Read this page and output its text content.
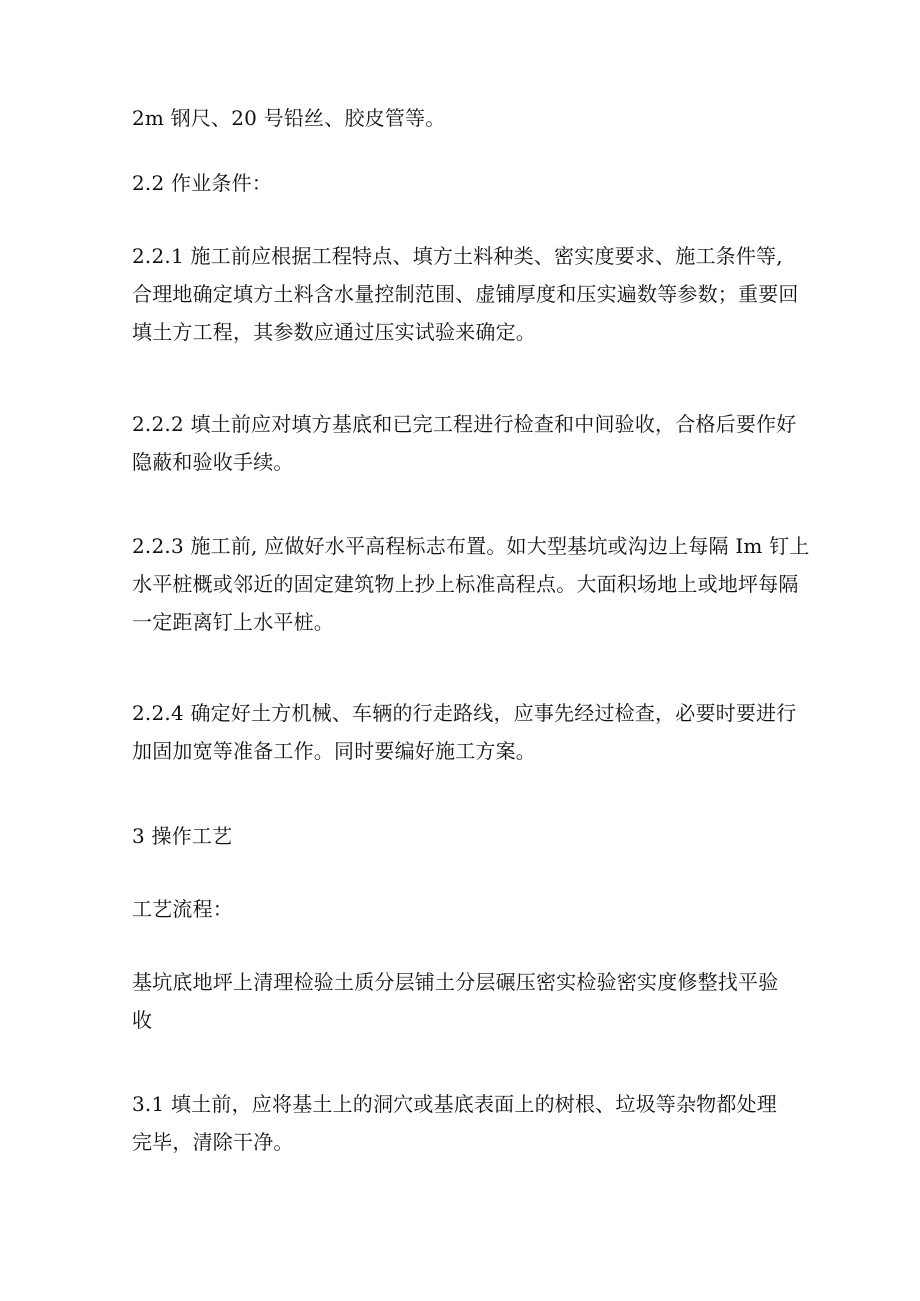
2m 钢尺、20 号铅丝、胶皮管等。

2.2 作业条件：

2.2.1 施工前应根据工程特点、填方土料种类、密实度要求、施工条件等,
合理地确定填方土料含水量控制范围、虚铺厚度和压实遍数等参数；重要回
填土方工程，其参数应通过压实试验来确定。

2.2.2 填土前应对填方基底和已完工程进行检查和中间验收，合格后要作好
隐蔽和验收手续。

2.2.3 施工前, 应做好水平高程标志布置。如大型基坑或沟边上每隔 Im 钉上
水平桩概或邻近的固定建筑物上抄上标准高程点。大面积场地上或地坪每隔
一定距离钉上水平桩。

2.2.4 确定好土方机械、车辆的行走路线，应事先经过检查，必要时要进行
加固加宽等准备工作。同时要编好施工方案。

3 操作工艺

工艺流程：

基坑底地坪上清理检验土质分层铺土分层碾压密实检验密实度修整找平验
收

3.1 填土前，应将基土上的洞穴或基底表面上的树根、垃圾等杂物都处理
完毕，清除干净。
